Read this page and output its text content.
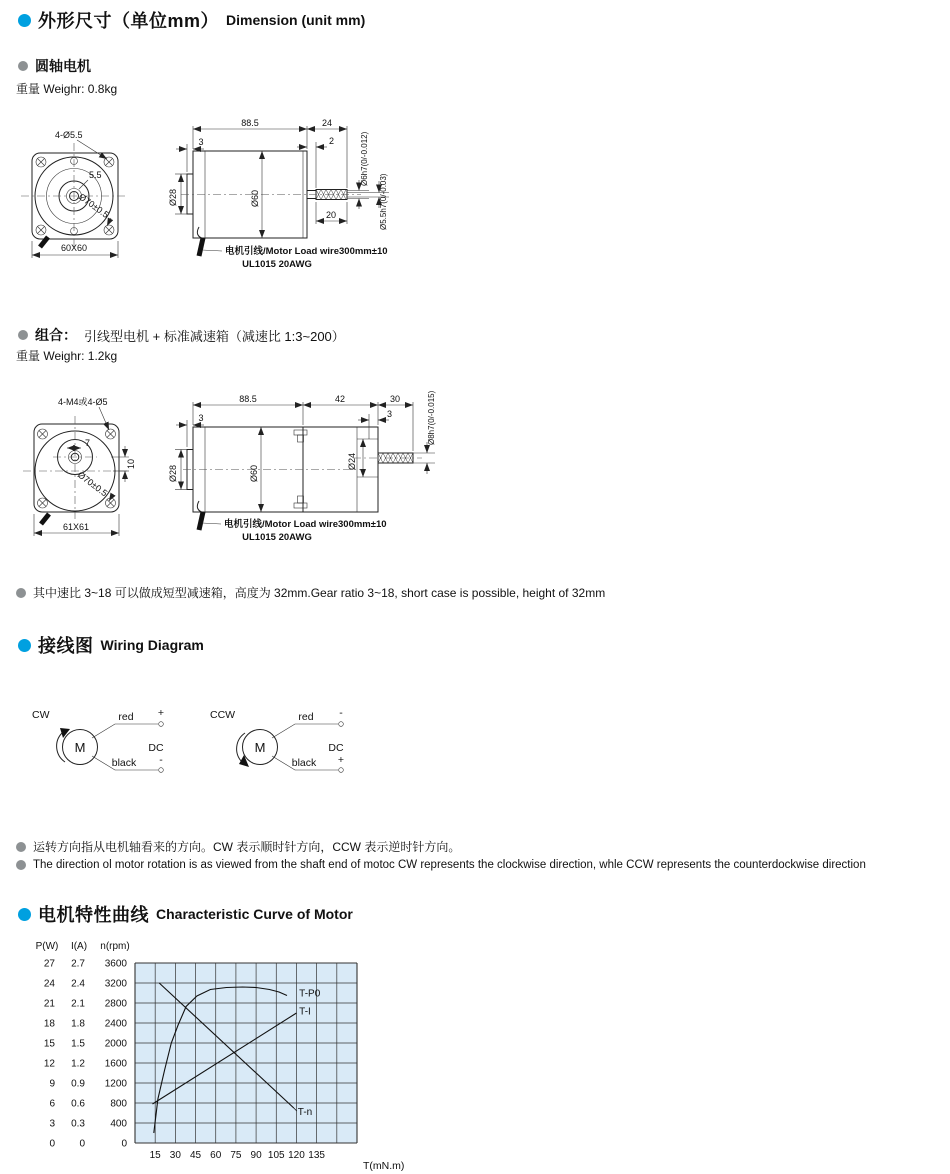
外形尺寸（单位mm） Dimension (unit mm)
圆轴电机
重量 Weighr: 0.8kg
4-Ø5.5
5.5
Ø70±0.5
60X60
88.5	24
3	2
Ø28	Ø60
Ø6h7(0/-0.012)
Ø5.5h7(0/-0.03)
20
电机引线/Motor Load wire300mm±10
UL1015 20AWG
组合： 引线型电机 + 标准减速箱（减速比 1:3~200）
重量 Weighr: 1.2kg
4-M4或4-Ø5
7
10
Ø70±0.5
61X61
88.5	42	30
3	3
Ø28	Ø60
Ø24
Ø8h7(0/-0.015)
电机引线/Motor Load wire300mm±10
UL1015 20AWG
其中速比 3~18 可以做成短型减速箱，高度为 32mm.Gear ratio 3~18, short case is possible, height of 32mm
接线图 Wiring Diagram
CW
M
red +
black -
DC
CCW
M
red -
black +
DC
运转方向指从电机轴看来的方向。CW 表示顺时针方向，CCW 表示逆时针方向。
The direction ol motor rotation is as viewed from the shaft end of motoc CW represents the clockwise direction, whle CCW represents the counterdockwise direction
电机特性曲线 Characteristic Curve of Motor
P(W)
27
24
21
18
15
12
9
6
3
0
I(A)
2.7
2.4
2.1
1.8
1.5
1.2
0.9
0.6
0.3
0
n(rpm)
3600
3200
2800
2400
2000
1600
1200
800
400
0
15 30 45 60 75 90 105 120 135
T(mN.m)
T-n
T-I
T-P0
